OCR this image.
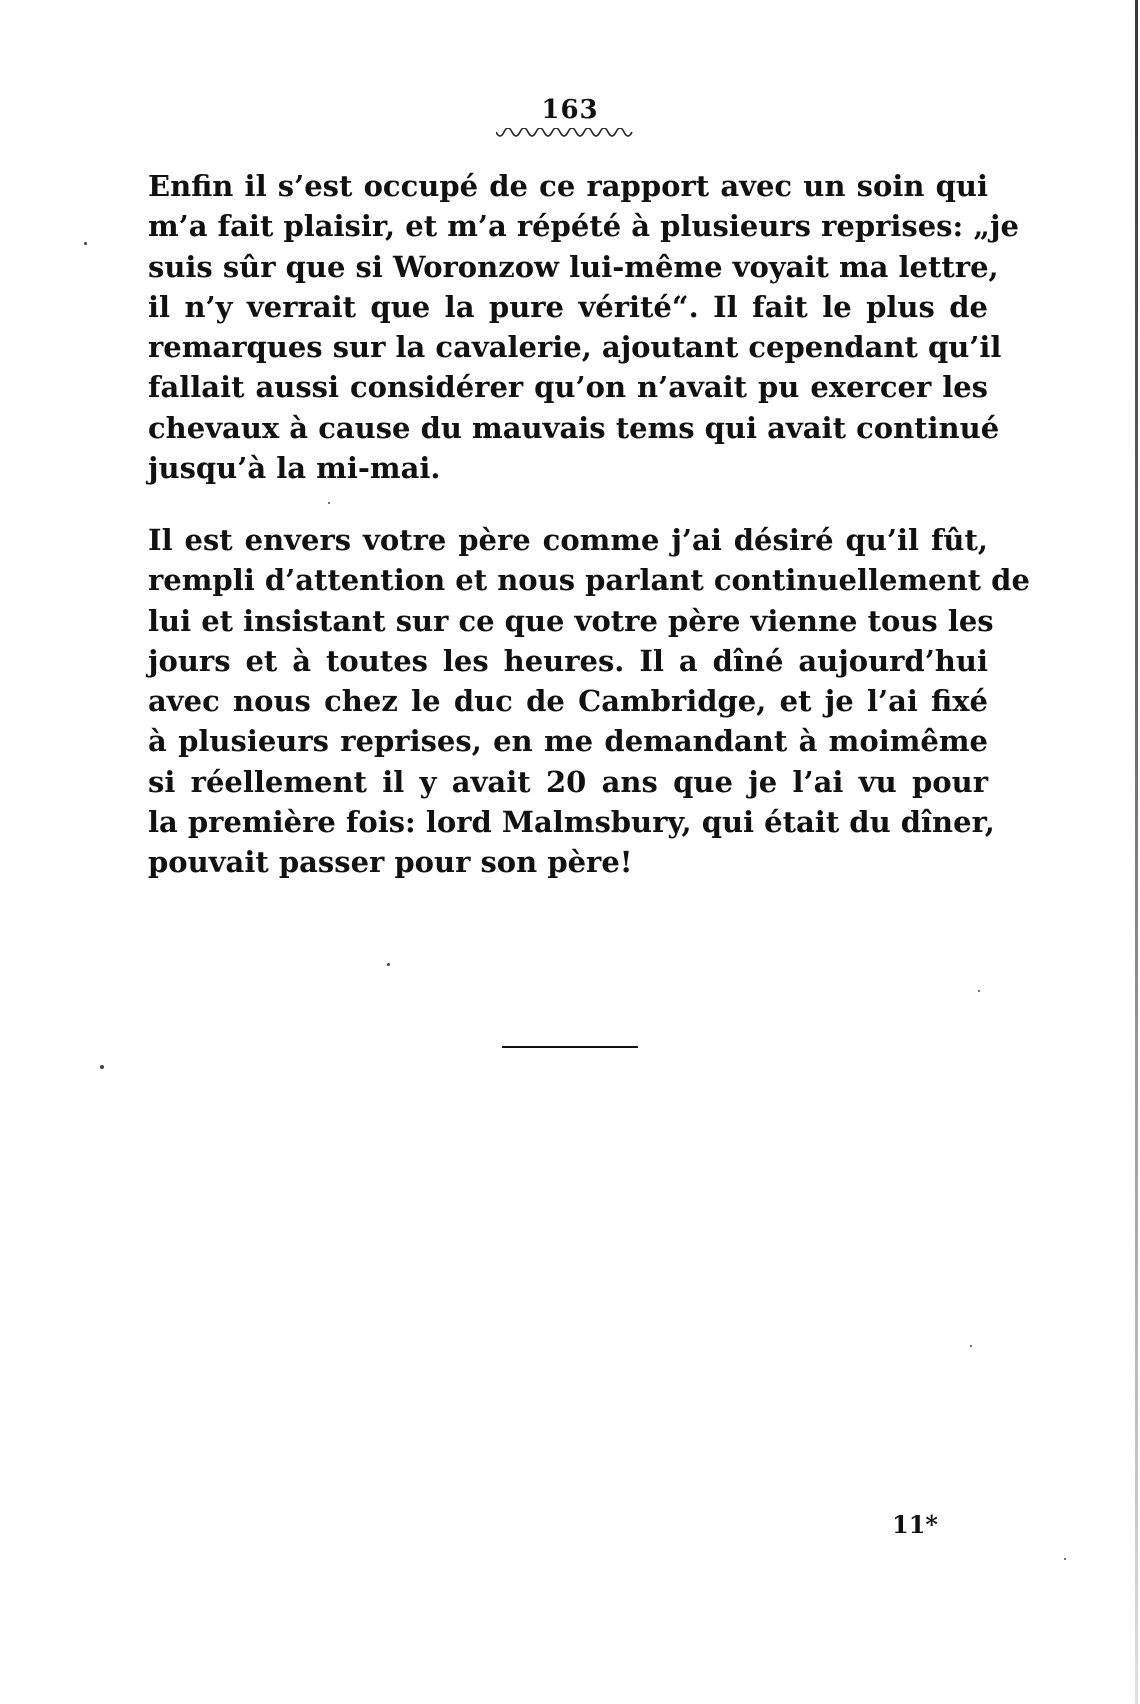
163
Enfin il s’est occupé de ce rapport avec un soin qui
m’a fait plaisir, et m’a répété à plusieurs reprises: „je
suis sûr que si Woronzow lui-même voyait ma lettre,
il n’y verrait que la pure vérité“. Il fait le plus de
remarques sur la cavalerie, ajoutant cependant qu’il
fallait aussi considérer qu’on n’avait pu exercer les
chevaux à cause du mauvais tems qui avait continué
jusqu’à la mi-mai.
Il est envers votre père comme j’ai désiré qu’il fût,
rempli d’attention et nous parlant continuellement de
lui et insistant sur ce que votre père vienne tous les
jours et à toutes les heures. Il a dîné aujourd’hui
avec nous chez le duc de Cambridge, et je l’ai fixé
à plusieurs reprises, en me demandant à moimême
si réellement il y avait 20 ans que je l’ai vu pour
la première fois: lord Malmsbury, qui était du dîner,
pouvait passer pour son père!
11*
